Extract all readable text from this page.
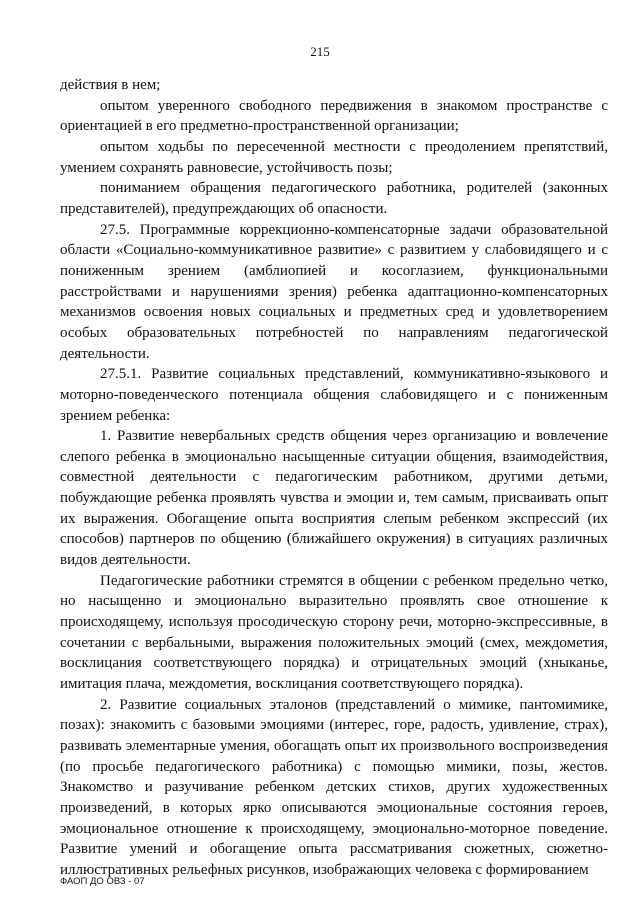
215

действия в нем;

опытом уверенного свободного передвижения в знакомом пространстве с ориентацией в его предметно-пространственной организации;

опытом ходьбы по пересеченной местности с преодолением препятствий, умением сохранять равновесие, устойчивость позы;

пониманием обращения педагогического работника, родителей (законных представителей), предупреждающих об опасности.

27.5. Программные коррекционно-компенсаторные задачи образовательной области «Социально-коммуникативное развитие» с развитием у слабовидящего и с пониженным зрением (амблиопией и косоглазием, функциональными расстройствами и нарушениями зрения) ребенка адаптационно-компенсаторных механизмов освоения новых социальных и предметных сред и удовлетворением особых образовательных потребностей по направлениям педагогической деятельности.

27.5.1. Развитие социальных представлений, коммуникативно-языкового и моторно-поведенческого потенциала общения слабовидящего и с пониженным зрением ребенка:

1. Развитие невербальных средств общения через организацию и вовлечение слепого ребенка в эмоционально насыщенные ситуации общения, взаимодействия, совместной деятельности с педагогическим работником, другими детьми, побуждающие ребенка проявлять чувства и эмоции и, тем самым, присваивать опыт их выражения. Обогащение опыта восприятия слепым ребенком экспрессий (их способов) партнеров по общению (ближайшего окружения) в ситуациях различных видов деятельности.

Педагогические работники стремятся в общении с ребенком предельно четко, но насыщенно и эмоционально выразительно проявлять свое отношение к происходящему, используя просодическую сторону речи, моторно-экспрессивные, в сочетании с вербальными, выражения положительных эмоций (смех, междометия, восклицания соответствующего порядка) и отрицательных эмоций (хныканье, имитация плача, междометия, восклицания соответствующего порядка).

2. Развитие социальных эталонов (представлений о мимике, пантомимике, позах): знакомить с базовыми эмоциями (интерес, горе, радость, удивление, страх), развивать элементарные умения, обогащать опыт их произвольного воспроизведения (по просьбе педагогического работника) с помощью мимики, позы, жестов. Знакомство и разучивание ребенком детских стихов, других художественных произведений, в которых ярко описываются эмоциональные состояния героев, эмоциональное отношение к происходящему, эмоционально-моторное поведение. Развитие умений и обогащение опыта рассматривания сюжетных, сюжетно-иллюстративных рельефных рисунков, изображающих человека с формированием

ФАОП ДО ОВЗ - 07
